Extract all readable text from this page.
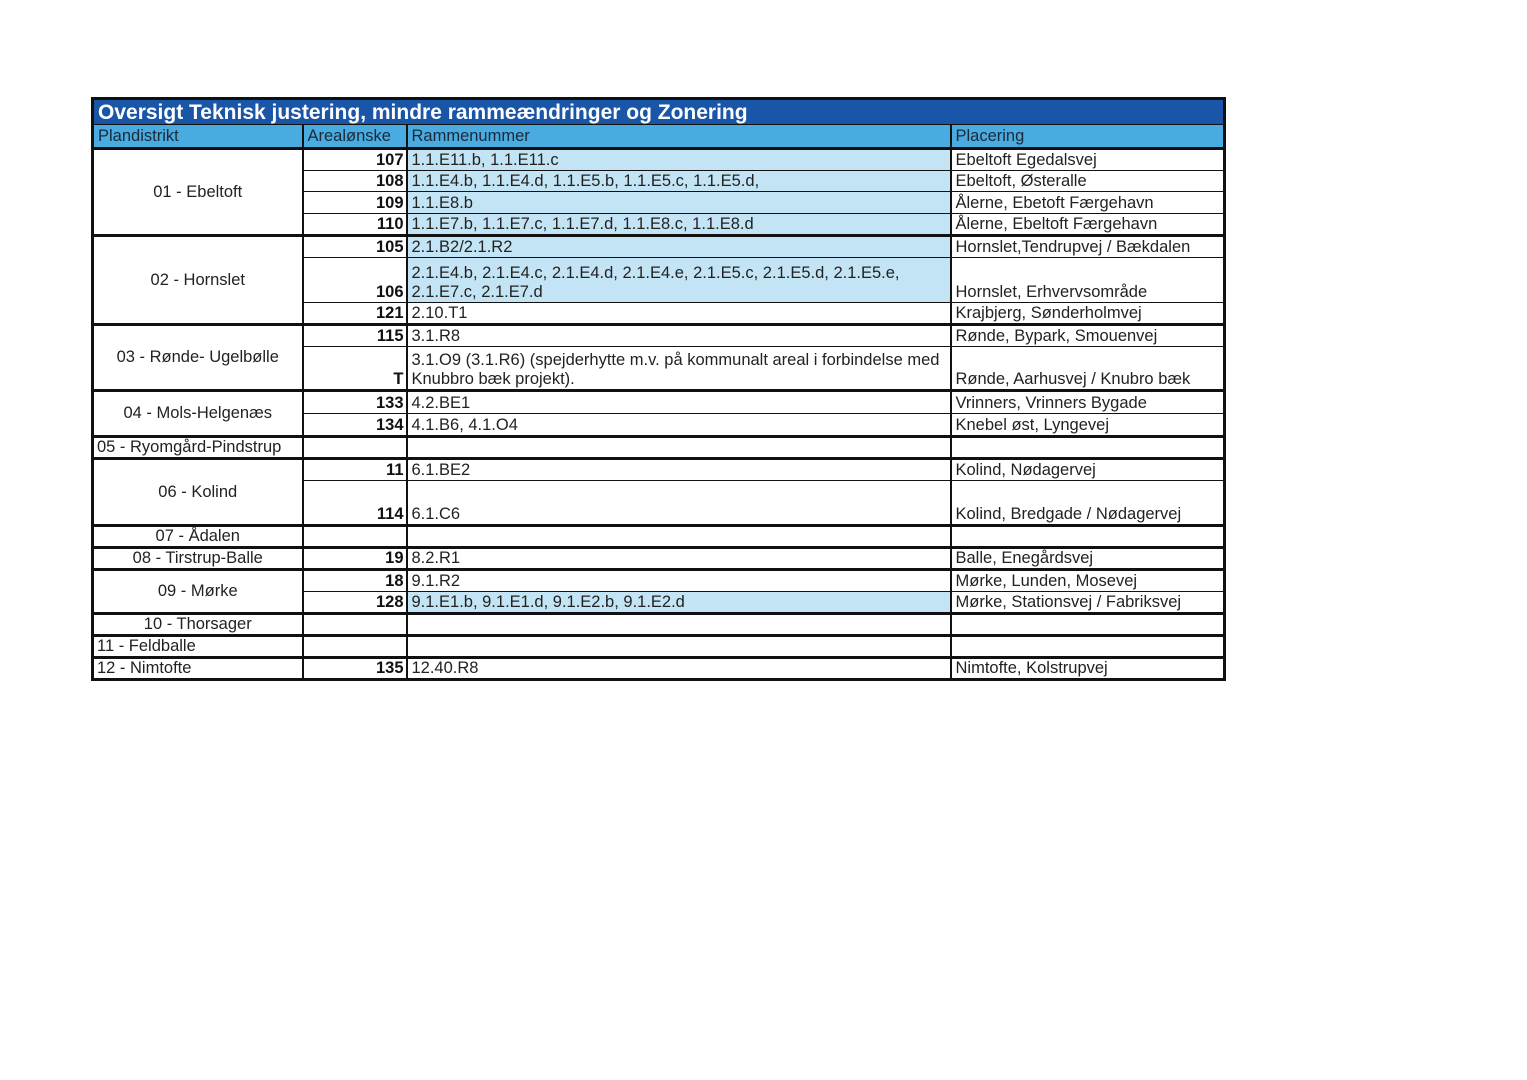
Oversigt Teknisk justering, mindre rammeændringer og Zonering			
Plandistrikt	Arealønske	Rammenummer	Placering
01 - Ebeltoft	107	1.1.E11.b, 1.1.E11.c	Ebeltoft Egedalsvej
	108	1.1.E4.b, 1.1.E4.d, 1.1.E5.b, 1.1.E5.c, 1.1.E5.d,	Ebeltoft, Østeralle
	109	1.1.E8.b	Ålerne, Ebetoft Færgehavn
	110	1.1.E7.b, 1.1.E7.c, 1.1.E7.d, 1.1.E8.c, 1.1.E8.d	Ålerne, Ebeltoft Færgehavn
02 - Hornslet	105	2.1.B2/2.1.R2	Hornslet,Tendrupvej / Bækdalen
	106	2.1.E4.b, 2.1.E4.c, 2.1.E4.d, 2.1.E4.e, 2.1.E5.c, 2.1.E5.d, 2.1.E5.e, 2.1.E7.c, 2.1.E7.d	Hornslet, Erhvervsområde
	121	2.10.T1	Krajbjerg, Sønderholmvej
03 - Rønde- Ugelbølle	115	3.1.R8	Rønde, Bypark, Smouenvej
	T	3.1.O9 (3.1.R6) (spejderhytte m.v. på kommunalt areal i forbindelse med Knubbro bæk projekt).	Rønde, Aarhusvej / Knubro bæk
04 - Mols-Helgenæs	133	4.2.BE1	Vrinners, Vrinners Bygade
	134	4.1.B6, 4.1.O4	Knebel øst, Lyngevej
05 - Ryomgård-Pindstrup			
06 - Kolind	11	6.1.BE2	Kolind, Nødagervej
	114	6.1.C6	Kolind, Bredgade / Nødagervej
07 - Ådalen			
08 - Tirstrup-Balle	19	8.2.R1	Balle, Enegårdsvej
09 - Mørke	18	9.1.R2	Mørke, Lunden, Mosevej
	128	9.1.E1.b, 9.1.E1.d, 9.1.E2.b, 9.1.E2.d	Mørke, Stationsvej / Fabriksvej
10 - Thorsager			
11 - Feldballe			
12 - Nimtofte	135	12.40.R8	Nimtofte, Kolstrupvej
